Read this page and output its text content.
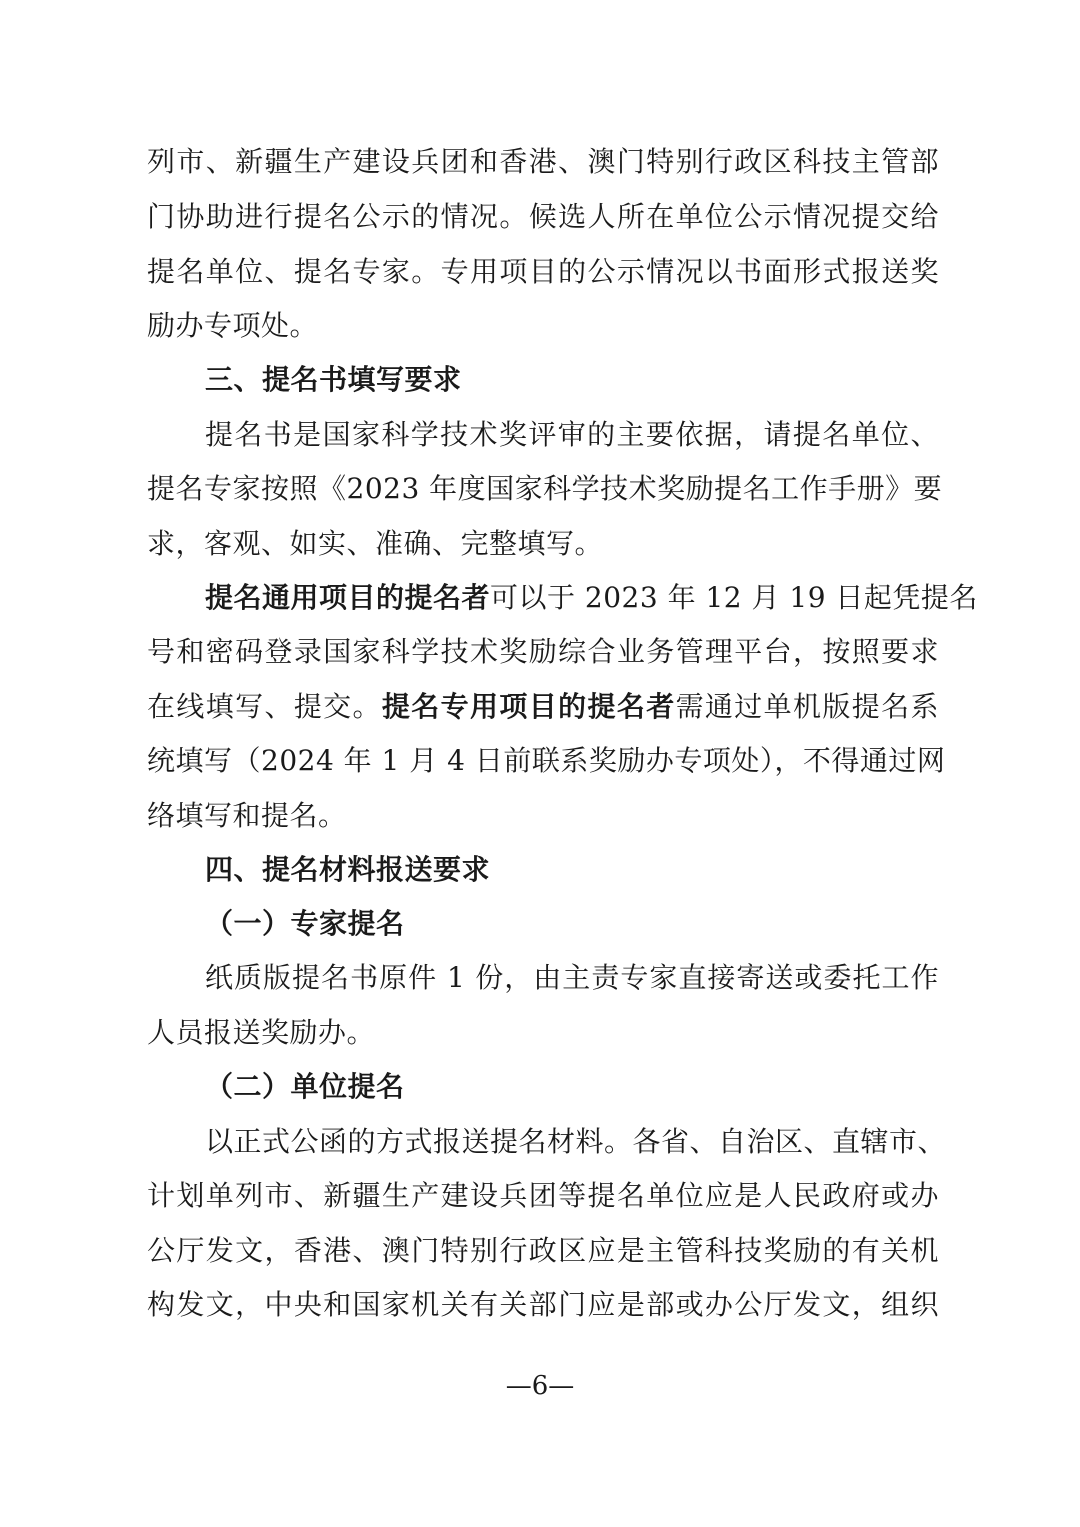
列市、新疆生产建设兵团和香港、澳门特别行政区科技主管部
门协助进行提名公示的情况。候选人所在单位公示情况提交给
提名单位、提名专家。专用项目的公示情况以书面形式报送奖
励办专项处。
三、提名书填写要求
提名书是国家科学技术奖评审的主要依据，请提名单位、
提名专家按照《2023 年度国家科学技术奖励提名工作手册》要
求，客观、如实、准确、完整填写。
提名通用项目的提名者可以于 2023 年 12 月 19 日起凭提名
号和密码登录国家科学技术奖励综合业务管理平台，按照要求
在线填写、提交。提名专用项目的提名者需通过单机版提名系
统填写（2024 年 1 月 4 日前联系奖励办专项处），不得通过网
络填写和提名。
四、提名材料报送要求
（一）专家提名
纸质版提名书原件 1 份，由主责专家直接寄送或委托工作
人员报送奖励办。
（二）单位提名
以正式公函的方式报送提名材料。各省、自治区、直辖市、
计划单列市、新疆生产建设兵团等提名单位应是人民政府或办
公厅发文，香港、澳门特别行政区应是主管科技奖励的有关机
构发文，中央和国家机关有关部门应是部或办公厅发文，组织
—6—
